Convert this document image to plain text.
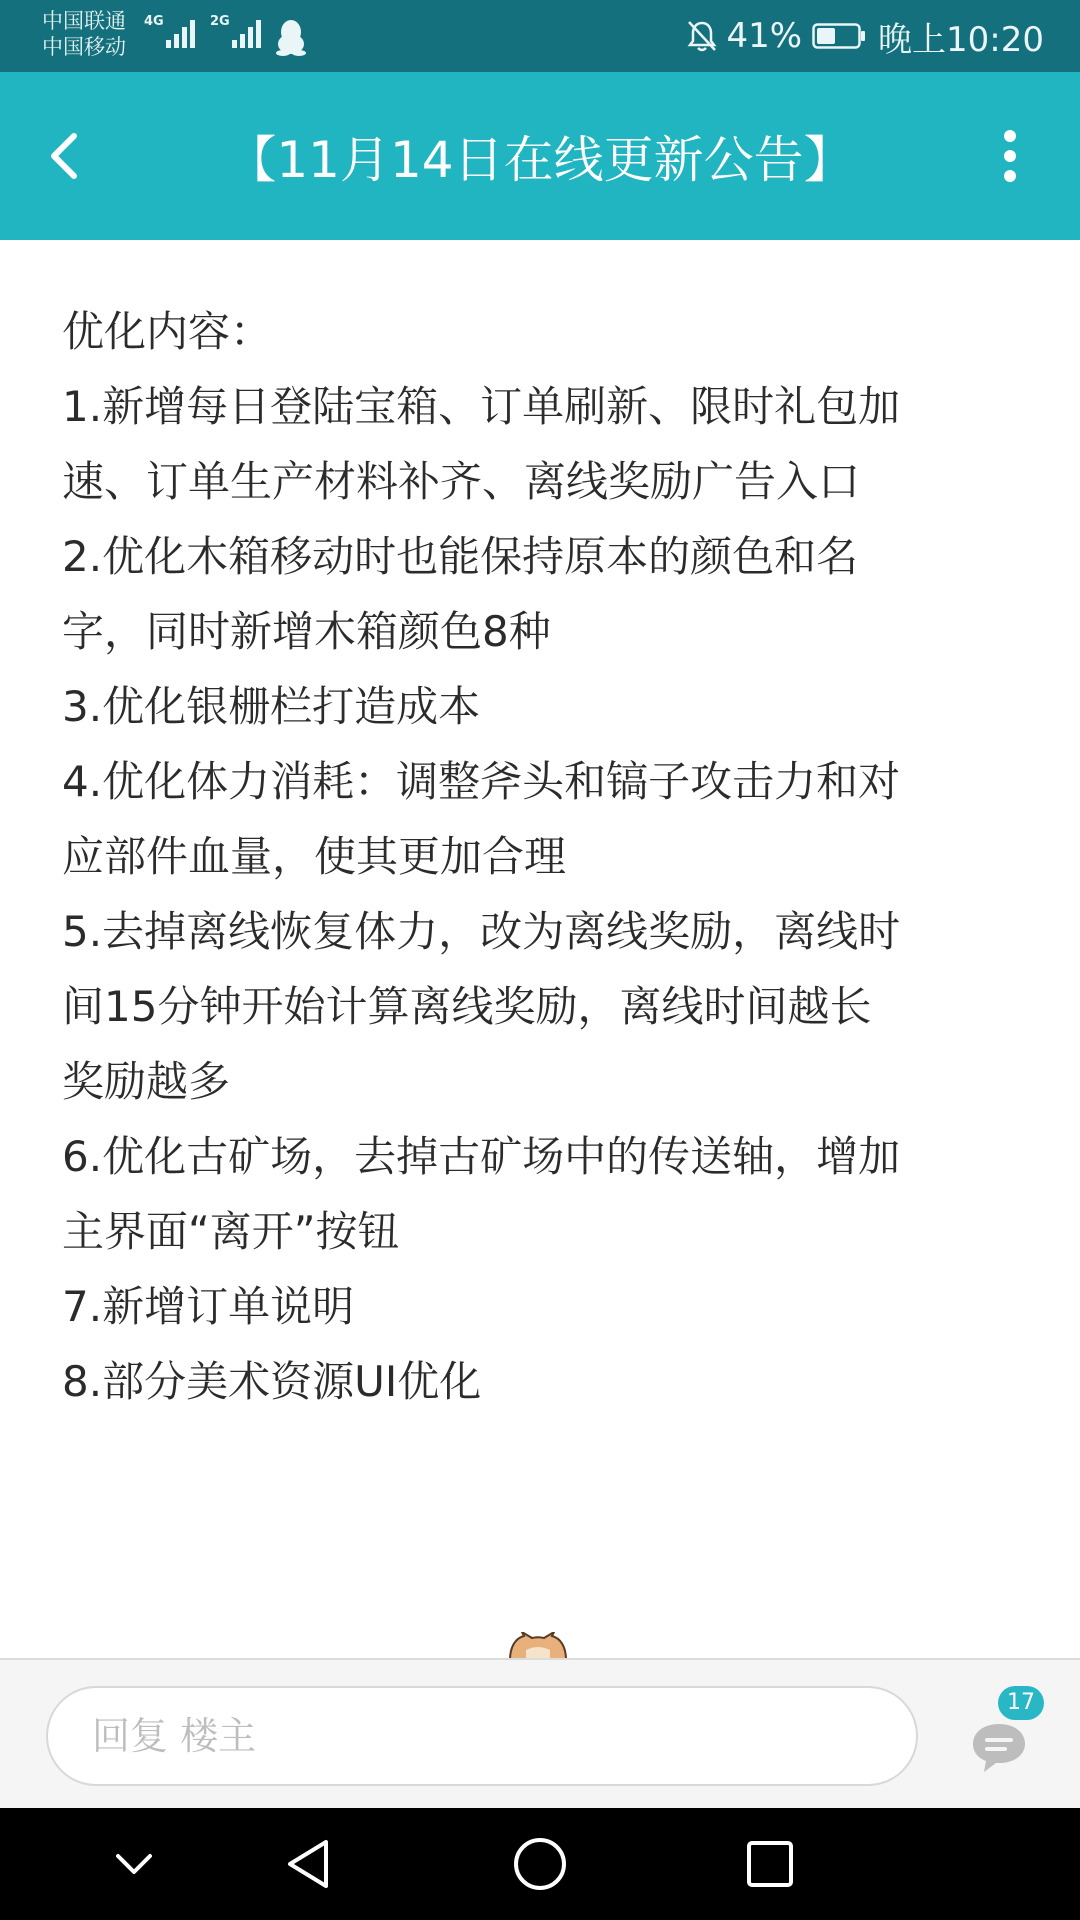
中国联通
中国移动
4G	2G	41% 晚上10:20
【11月14日在线更新公告】
优化内容：
1.新增每日登陆宝箱、订单刷新、限时礼包加
速、订单生产材料补齐、离线奖励广告入口
2.优化木箱移动时也能保持原本的颜色和名
字，同时新增木箱颜色8种
3.优化银栅栏打造成本
4.优化体力消耗：调整斧头和镐子攻击力和对
应部件血量，使其更加合理
5.去掉离线恢复体力，改为离线奖励，离线时
间15分钟开始计算离线奖励，离线时间越长
奖励越多
6.优化古矿场，去掉古矿场中的传送轴，增加
主界面“离开”按钮
7.新增订单说明
8.部分美术资源UI优化
回复 楼主
17
